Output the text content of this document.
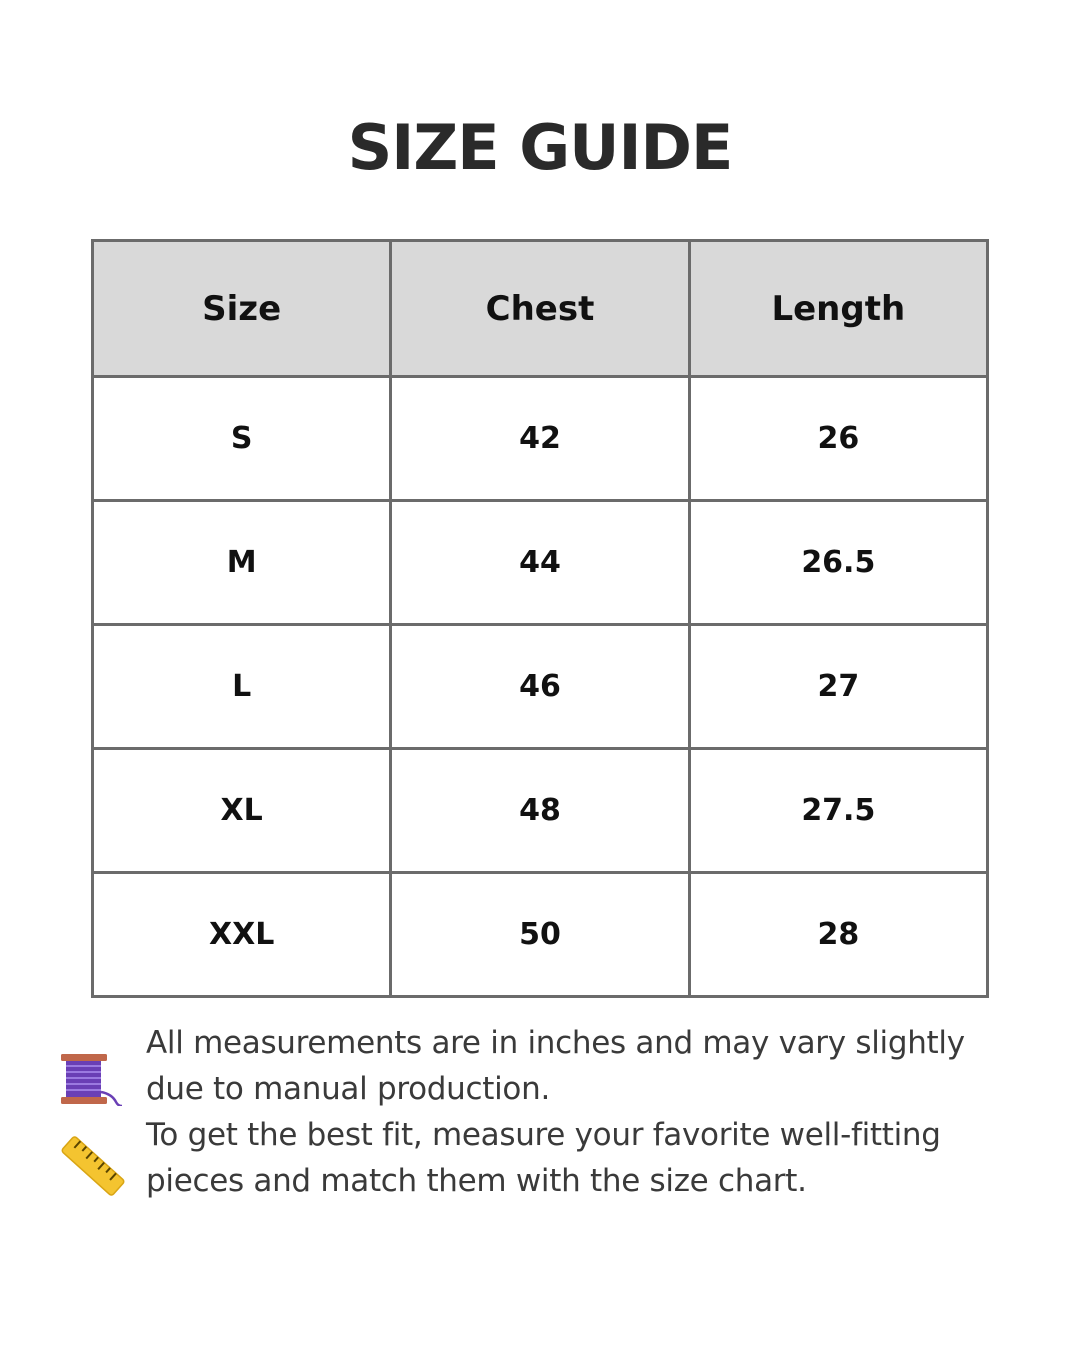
SIZE GUIDE
Size	Chest	Length
S	42	26
M	44	26.5
L	46	27
XL	48	27.5
XXL	50	28

All measurements are in inches and may vary slightly due to manual production.

To get the best fit, measure your favorite well-fitting pieces and match them with the size chart.
